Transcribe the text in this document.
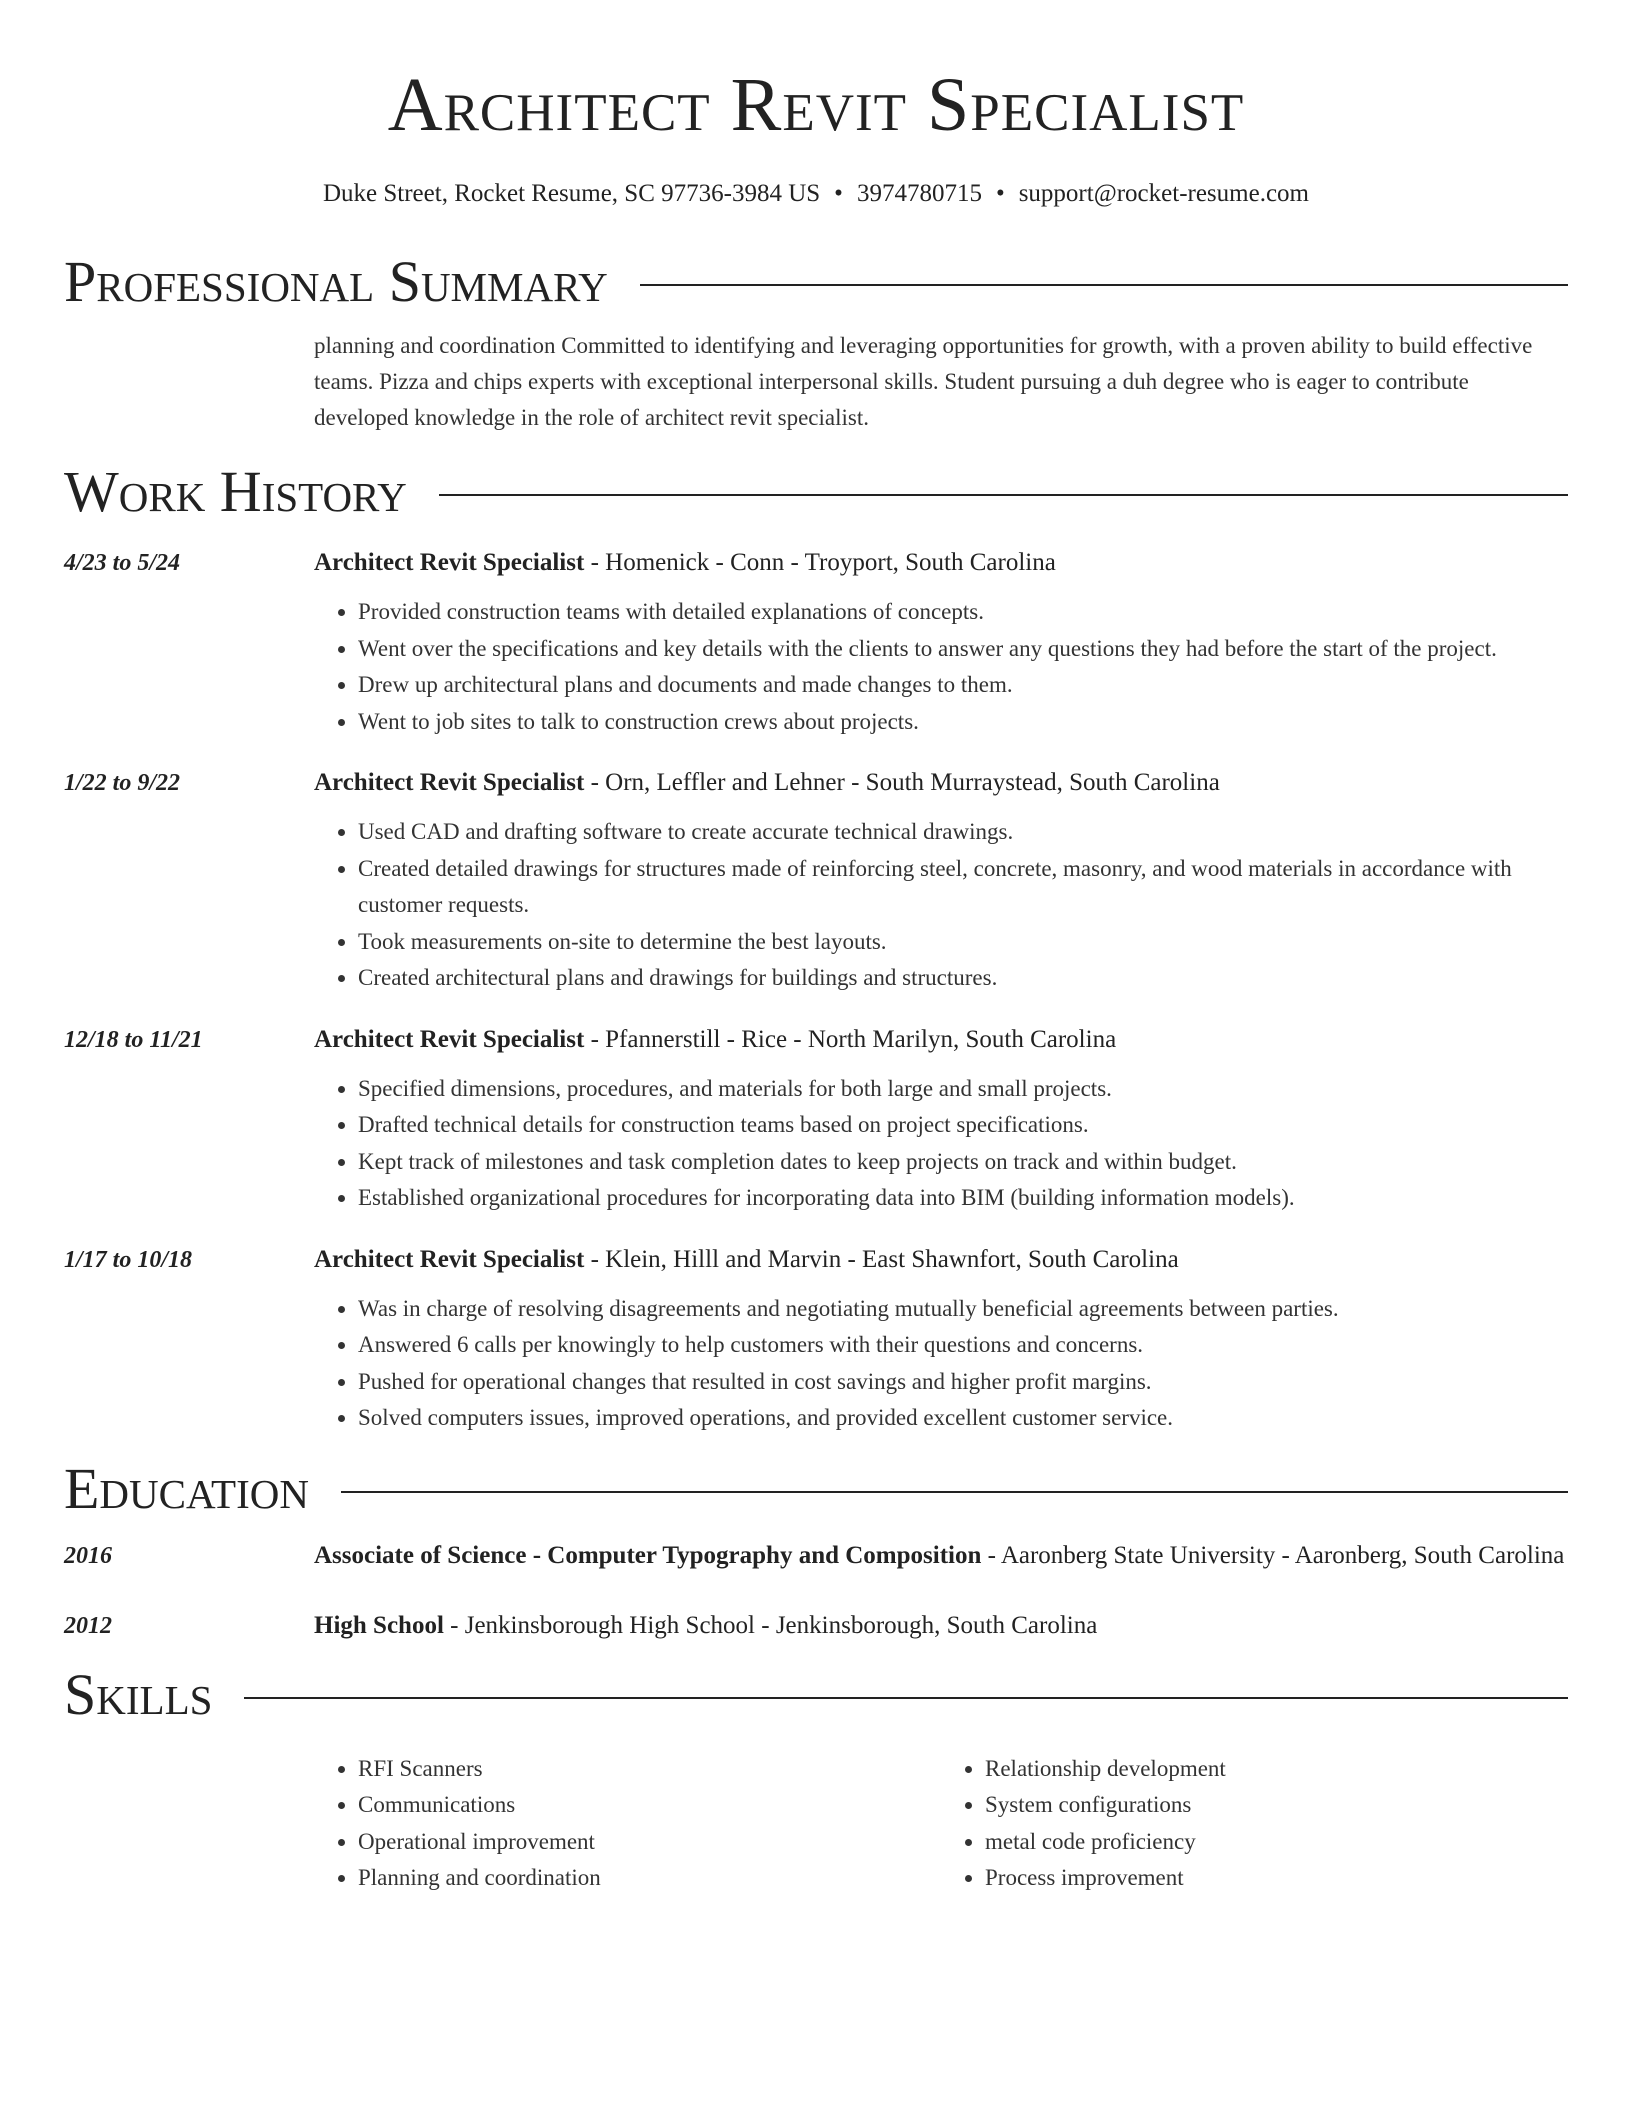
Architect Revit Specialist
Duke Street, Rocket Resume, SC 97736-3984 US • 3974780715 • support@rocket-resume.com
Professional Summary

planning and coordination Committed to identifying and leveraging opportunities for growth, with a proven ability to build effective teams. Pizza and chips experts with exceptional interpersonal skills. Student pursuing a duh degree who is eager to contribute developed knowledge in the role of architect revit specialist.

Work History
4/23 to 5/24	Architect Revit Specialist - Homenick - Conn - Troyport, South Carolina
• Provided construction teams with detailed explanations of concepts.
• Went over the specifications and key details with the clients to answer any questions they had before the start of the project.
• Drew up architectural plans and documents and made changes to them.
• Went to job sites to talk to construction crews about projects.
1/22 to 9/22	Architect Revit Specialist - Orn, Leffler and Lehner - South Murraystead, South Carolina
• Used CAD and drafting software to create accurate technical drawings.
• Created detailed drawings for structures made of reinforcing steel, concrete, masonry, and wood materials in accordance with customer requests.
• Took measurements on-site to determine the best layouts.
• Created architectural plans and drawings for buildings and structures.
12/18 to 11/21	Architect Revit Specialist - Pfannerstill - Rice - North Marilyn, South Carolina
• Specified dimensions, procedures, and materials for both large and small projects.
• Drafted technical details for construction teams based on project specifications.
• Kept track of milestones and task completion dates to keep projects on track and within budget.
• Established organizational procedures for incorporating data into BIM (building information models).
1/17 to 10/18	Architect Revit Specialist - Klein, Hilll and Marvin - East Shawnfort, South Carolina
• Was in charge of resolving disagreements and negotiating mutually beneficial agreements between parties.
• Answered 6 calls per knowingly to help customers with their questions and concerns.
• Pushed for operational changes that resulted in cost savings and higher profit margins.
• Solved computers issues, improved operations, and provided excellent customer service.
Education
2016	Associate of Science - Computer Typography and Composition - Aaronberg State University - Aaronberg, South Carolina
2012	High School - Jenkinsborough High School - Jenkinsborough, South Carolina
Skills
• RFI Scanners
• Communications
• Operational improvement
• Planning and coordination
• Relationship development
• System configurations
• metal code proficiency
• Process improvement
